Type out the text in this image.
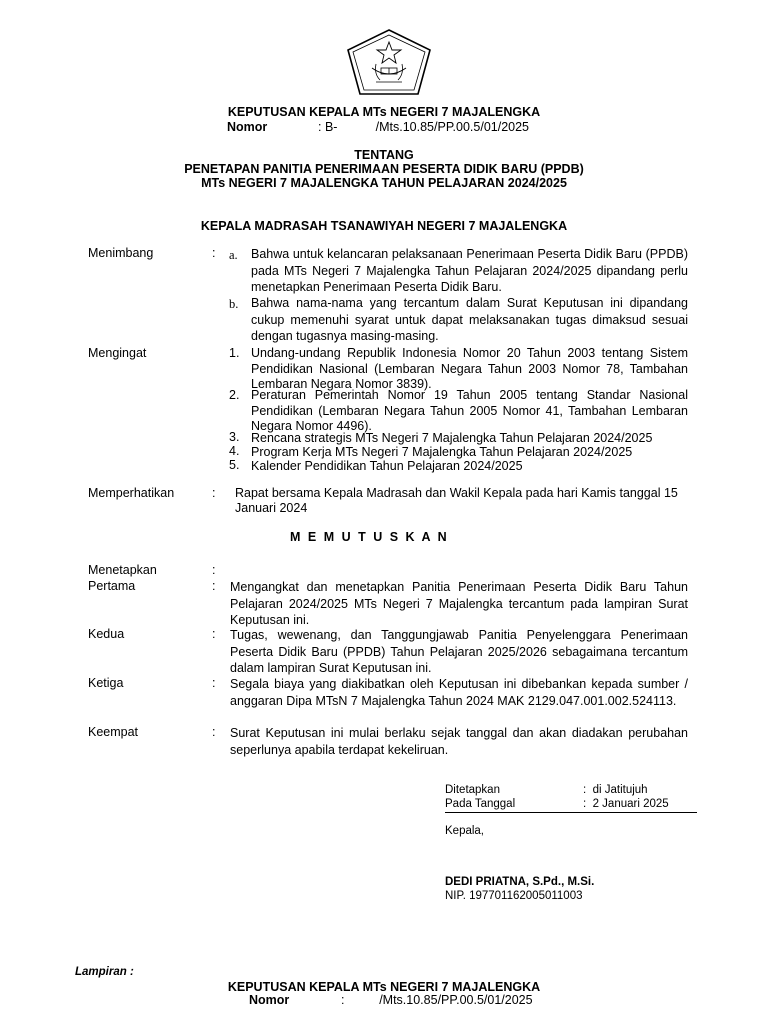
KEPUTUSAN KEPALA MTs NEGERI 7 MAJALENGKA
Nomor	: B-           /Mts.10.85/PP.00.5/01/2025
TENTANG
PENETAPAN PANITIA PENERIMAAN PESERTA DIDIK BARU (PPDB)
MTs NEGERI 7 MAJALENGKA TAHUN PELAJARAN 2024/2025
KEPALA MADRASAH TSANAWIYAH NEGERI 7 MAJALENGKA
Menimbang	: a. Bahwa untuk kelancaran pelaksanaan Penerimaan Peserta Didik Baru (PPDB) pada MTs Negeri 7 Majalengka Tahun Pelajaran 2024/2025 dipandang perlu menetapkan Penerimaan Peserta Didik Baru.
b. Bahwa nama-nama yang tercantum dalam Surat Keputusan ini dipandang cukup memenuhi syarat untuk dapat melaksanakan tugas dimaksud sesuai dengan tugasnya masing-masing.
Mengingat	1. Undang-undang Republik Indonesia Nomor 20 Tahun 2003 tentang Sistem Pendidikan Nasional (Lembaran Negara Tahun 2003 Nomor 78, Tambahan Lembaran Negara Nomor 3839).
2. Peraturan Pemerintah Nomor 19 Tahun 2005 tentang Standar Nasional Pendidikan (Lembaran Negara Tahun 2005 Nomor 41, Tambahan Lembaran Negara Nomor 4496).
3. Rencana strategis MTs Negeri 7 Majalengka Tahun Pelajaran 2024/2025
4. Program Kerja MTs Negeri 7 Majalengka Tahun Pelajaran 2024/2025
5. Kalender Pendidikan Tahun Pelajaran 2024/2025
Memperhatikan	: Rapat bersama Kepala Madrasah dan Wakil Kepala pada hari Kamis tanggal 15 Januari 2024
M E M U T U S K A N
Menetapkan	:
Pertama	: Mengangkat dan menetapkan Panitia Penerimaan Peserta Didik Baru Tahun Pelajaran 2024/2025 MTs Negeri 7 Majalengka tercantum pada lampiran Surat Keputusan ini.
Kedua	: Tugas, wewenang, dan Tanggungjawab Panitia Penyelenggara Penerimaan Peserta Didik Baru (PPDB) Tahun Pelajaran 2025/2026 sebagaimana tercantum dalam lampiran Surat Keputusan ini.
Ketiga	: Segala biaya yang diakibatkan oleh Keputusan ini dibebankan kepada sumber / anggaran Dipa MTsN 7 Majalengka Tahun 2024 MAK 2129.047.001.002.524113.
Keempat	: Surat Keputusan ini mulai berlaku sejak tanggal dan akan diadakan perubahan seperlunya apabila terdapat kekeliruan.
Ditetapkan	:  di Jatitujuh
Pada Tanggal	:  2 Januari 2025
Kepala,
DEDI PRIATNA, S.Pd., M.Si.
NIP. 197701162005011003
Lampiran :
KEPUTUSAN KEPALA MTs NEGERI 7 MAJALENGKA
Nomor	:          /Mts.10.85/PP.00.5/01/2025
